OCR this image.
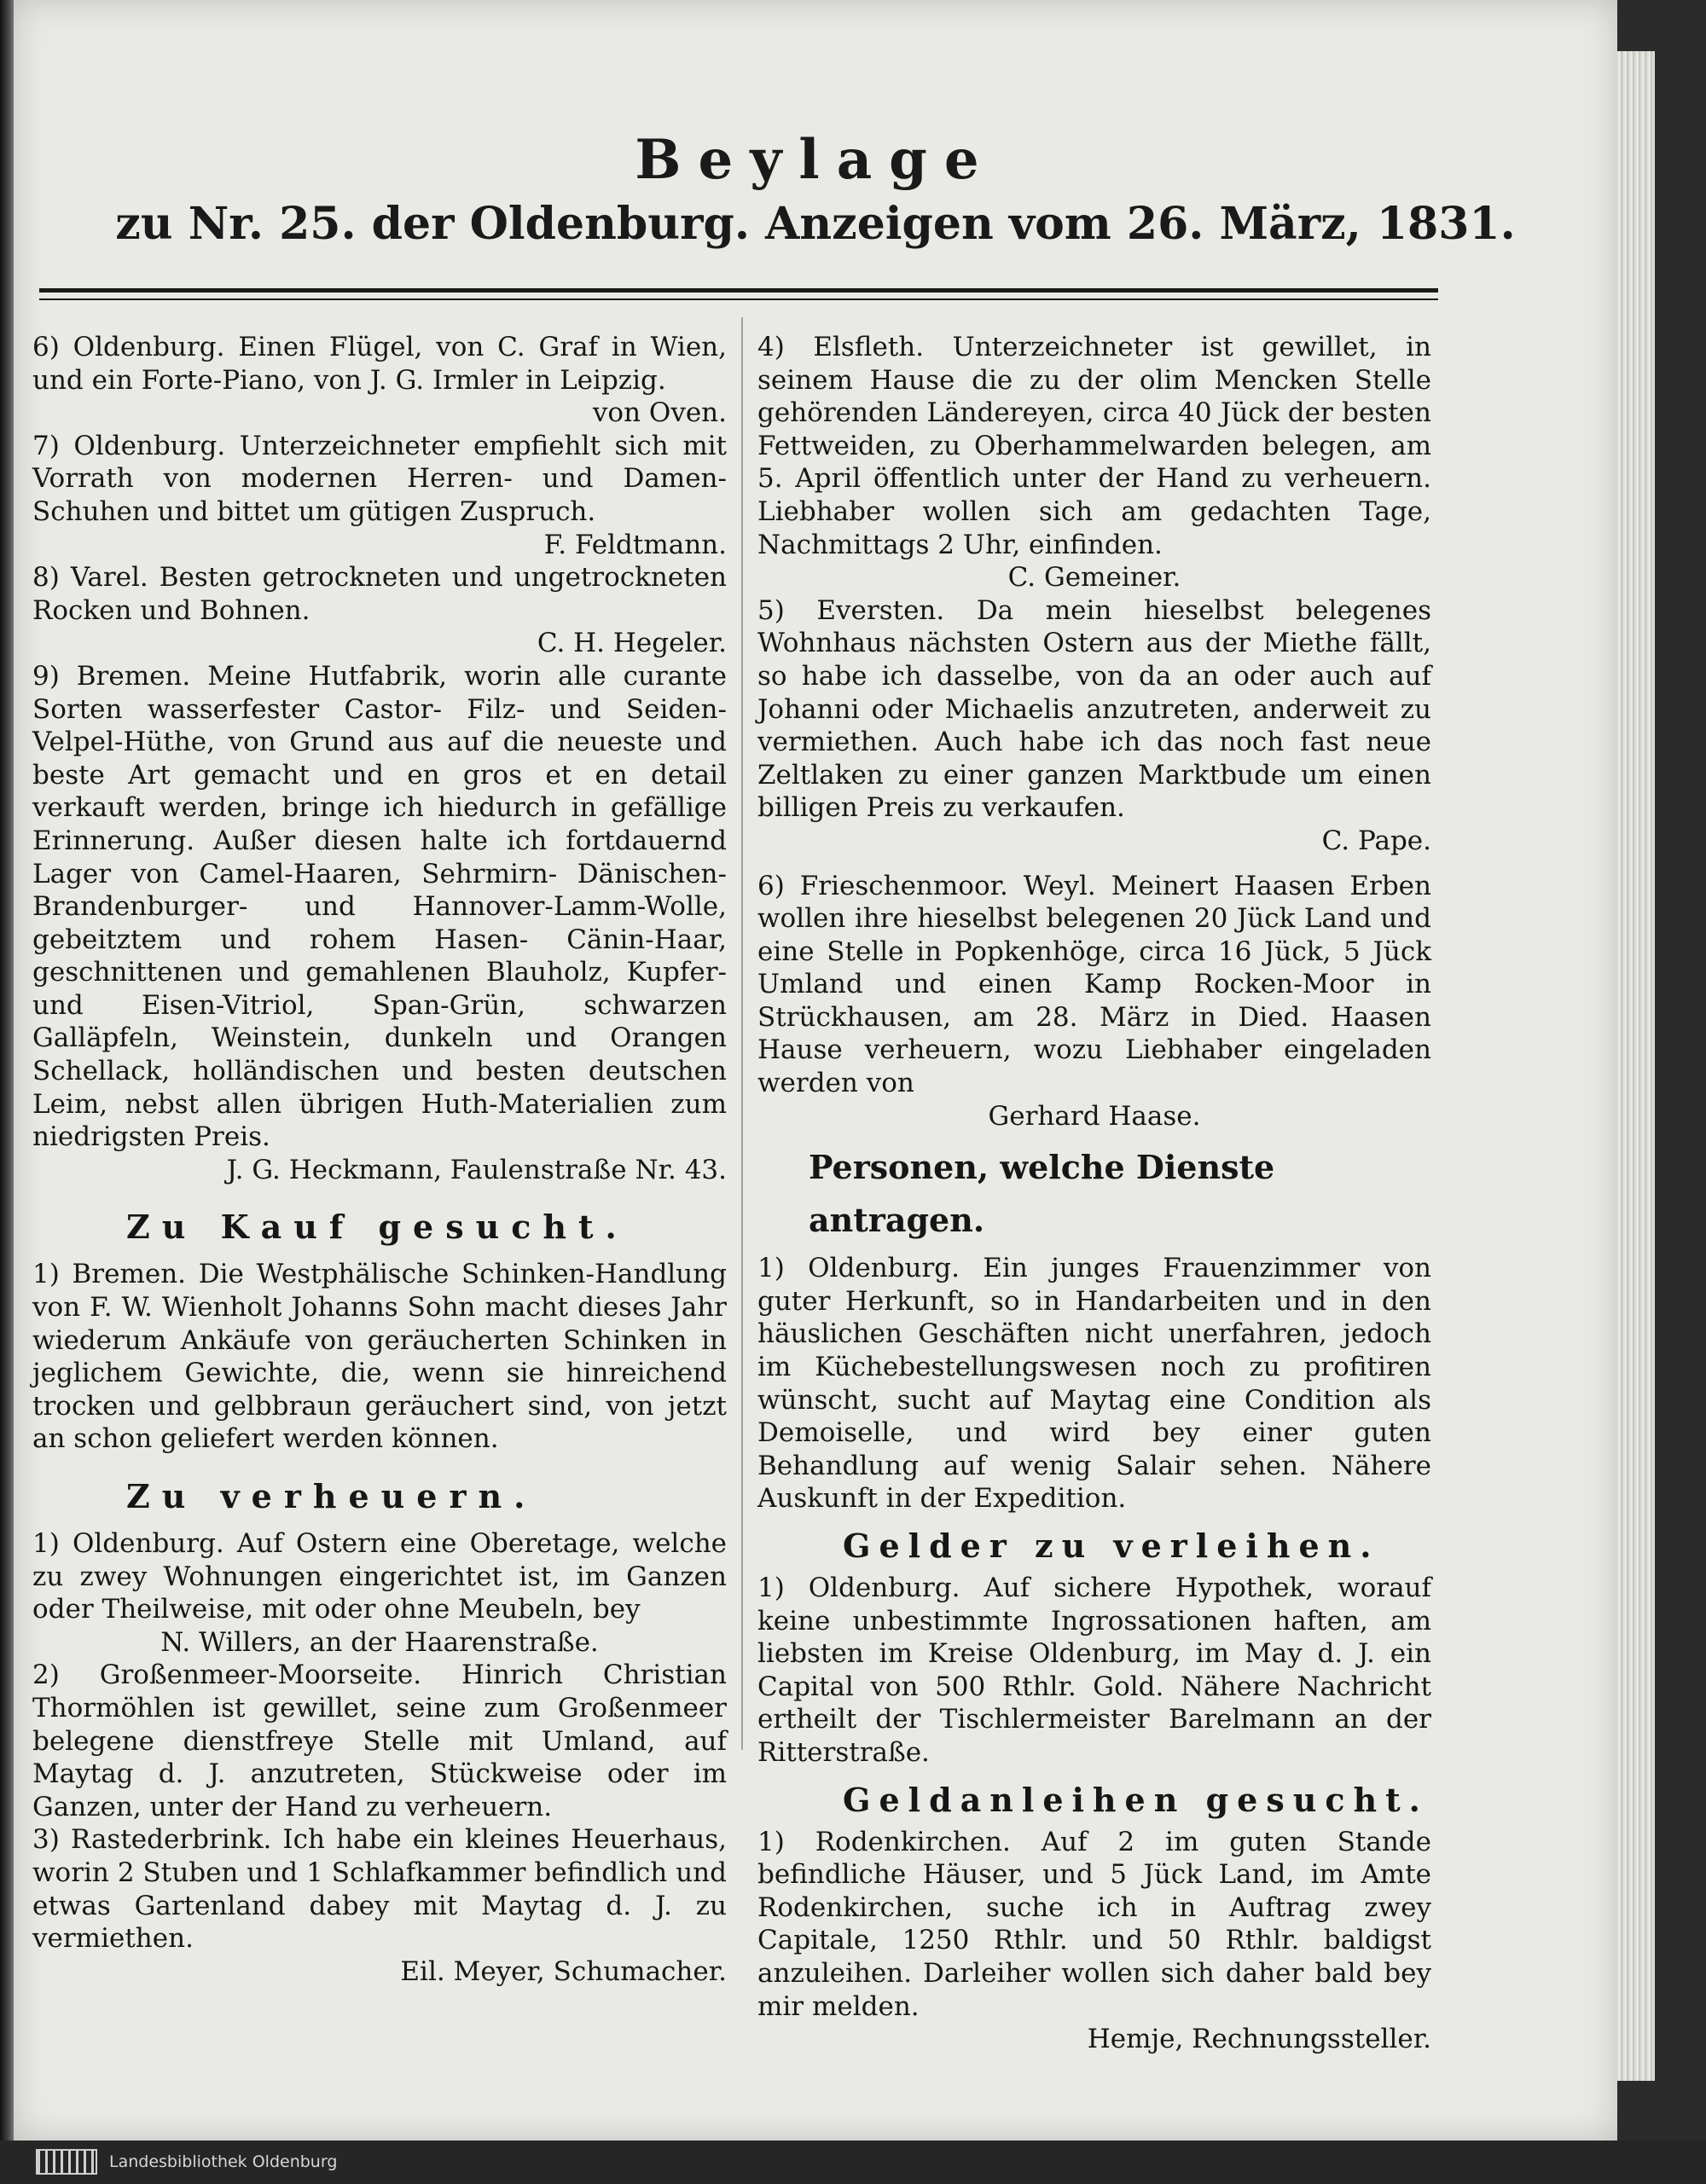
Beylage
zu Nr. 25. der Oldenburg. Anzeigen vom 26. März, 1831.

6) Oldenburg. Einen Flügel, von C. Graf in Wien, und ein Forte-Piano, von J. G. Irmler in Leipzig.

von Oven.

7) Oldenburg. Unterzeichneter empfiehlt sich mit Vorrath von modernen Herren- und Damen-Schuhen und bittet um gütigen Zuspruch.

F. Feldtmann.

8) Varel. Besten getrockneten und ungetrockneten Rocken und Bohnen.

C. H. Hegeler.

9) Bremen. Meine Hutfabrik, worin alle curante Sorten wasserfester Castor- Filz- und Seiden-Velpel-Hüthe, von Grund aus auf die neueste und beste Art gemacht und en gros et en detail verkauft werden, bringe ich hiedurch in gefällige Erinnerung. Außer diesen halte ich fortdauernd Lager von Camel-Haaren, Sehrmirn- Dänischen- Brandenburger- und Hannover-Lamm-Wolle, gebeitztem und rohem Hasen- Cänin-Haar, geschnittenen und gemahlenen Blauholz, Kupfer- und Eisen-Vitriol, Span-Grün, schwarzen Galläpfeln, Weinstein, dunkeln und Orangen Schellack, holländischen und besten deutschen Leim, nebst allen übrigen Huth-Materialien zum niedrigsten Preis.

J. G. Heckmann, Faulenstraße Nr. 43.

Zu Kauf gesucht.

1) Bremen. Die Westphälische Schinken-Handlung von F. W. Wienholt Johanns Sohn macht dieses Jahr wiederum Ankäufe von geräucherten Schinken in jeglichem Gewichte, die, wenn sie hinreichend trocken und gelbbraun geräuchert sind, von jetzt an schon geliefert werden können.

Zu verheuern.

1) Oldenburg. Auf Ostern eine Oberetage, welche zu zwey Wohnungen eingerichtet ist, im Ganzen oder Theilweise, mit oder ohne Meubeln, bey

N. Willers, an der Haarenstraße.

2) Großenmeer-Moorseite. Hinrich Christian Thormöhlen ist gewillet, seine zum Großenmeer belegene dienstfreye Stelle mit Umland, auf Maytag d. J. anzutreten, Stückweise oder im Ganzen, unter der Hand zu verheuern.

3) Rastederbrink. Ich habe ein kleines Heuerhaus, worin 2 Stuben und 1 Schlafkammer befindlich und etwas Gartenland dabey mit Maytag d. J. zu vermiethen.

Eil. Meyer, Schumacher.

4) Elsfleth. Unterzeichneter ist gewillet, in seinem Hause die zu der olim Mencken Stelle gehörenden Ländereyen, circa 40 Jück der besten Fettweiden, zu Oberhammelwarden belegen, am 5. April öffentlich unter der Hand zu verheuern. Liebhaber wollen sich am gedachten Tage, Nachmittags 2 Uhr, einfinden.

C. Gemeiner.

5) Eversten. Da mein hieselbst belegenes Wohnhaus nächsten Ostern aus der Miethe fällt, so habe ich dasselbe, von da an oder auch auf Johanni oder Michaelis anzutreten, anderweit zu vermiethen. Auch habe ich das noch fast neue Zeltlaken zu einer ganzen Marktbude um einen billigen Preis zu verkaufen.

C. Pape.

6) Frieschenmoor. Weyl. Meinert Haasen Erben wollen ihre hieselbst belegenen 20 Jück Land und eine Stelle in Popkenhöge, circa 16 Jück, 5 Jück Umland und einen Kamp Rocken-Moor in Strückhausen, am 28. März in Died. Haasen Hause verheuern, wozu Liebhaber eingeladen werden von

Gerhard Haase.

Personen, welche Dienste antragen.

1) Oldenburg. Ein junges Frauenzimmer von guter Herkunft, so in Handarbeiten und in den häuslichen Geschäften nicht unerfahren, jedoch im Küchebestellungswesen noch zu profitiren wünscht, sucht auf Maytag eine Condition als Demoiselle, und wird bey einer guten Behandlung auf wenig Salair sehen. Nähere Auskunft in der Expedition.

Gelder zu verleihen.

1) Oldenburg. Auf sichere Hypothek, worauf keine unbestimmte Ingrossationen haften, am liebsten im Kreise Oldenburg, im May d. J. ein Capital von 500 Rthlr. Gold. Nähere Nachricht ertheilt der Tischlermeister Barelmann an der Ritterstraße.

Geldanleihen gesucht.

1) Rodenkirchen. Auf 2 im guten Stande befindliche Häuser, und 5 Jück Land, im Amte Rodenkirchen, suche ich in Auftrag zwey Capitale, 1250 Rthlr. und 50 Rthlr. baldigst anzuleihen. Darleiher wollen sich daher bald bey mir melden.

Hemje, Rechnungssteller.

Landesbibliothek Oldenburg
